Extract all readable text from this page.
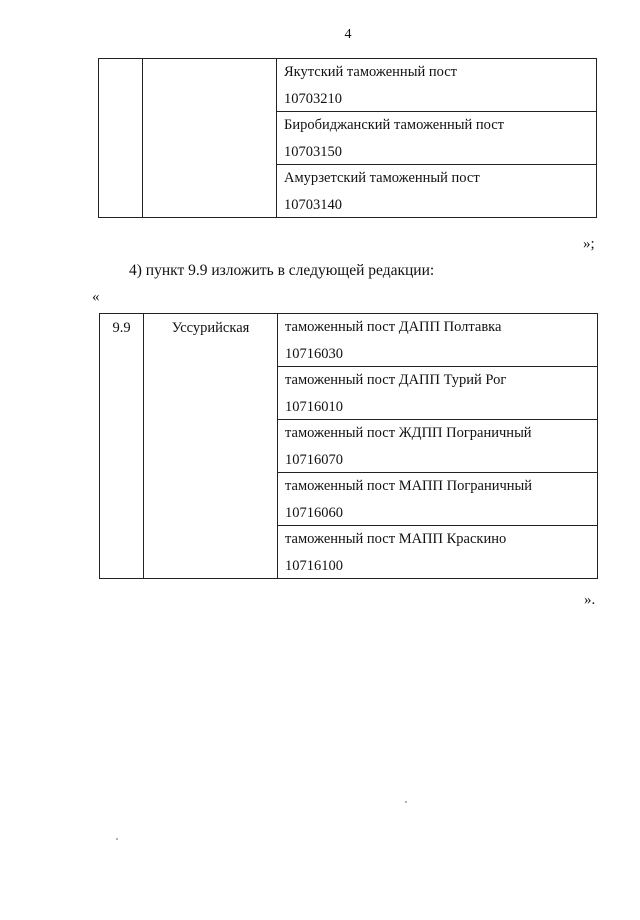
4

Якутский таможенный пост
10703210

Биробиджанский таможенный пост
10703150

Амурзетский таможенный пост
10703140
»;
4) пункт 9.9 изложить в следующей редакции:
«
9.9	Уссурийская	таможенный пост ДАПП Полтавка
10716030

таможенный пост ДАПП Турий Рог
10716010

таможенный пост ЖДПП Пограничный
10716070

таможенный пост МАПП Пограничный
10716060

таможенный пост МАПП Краскино
10716100
».
